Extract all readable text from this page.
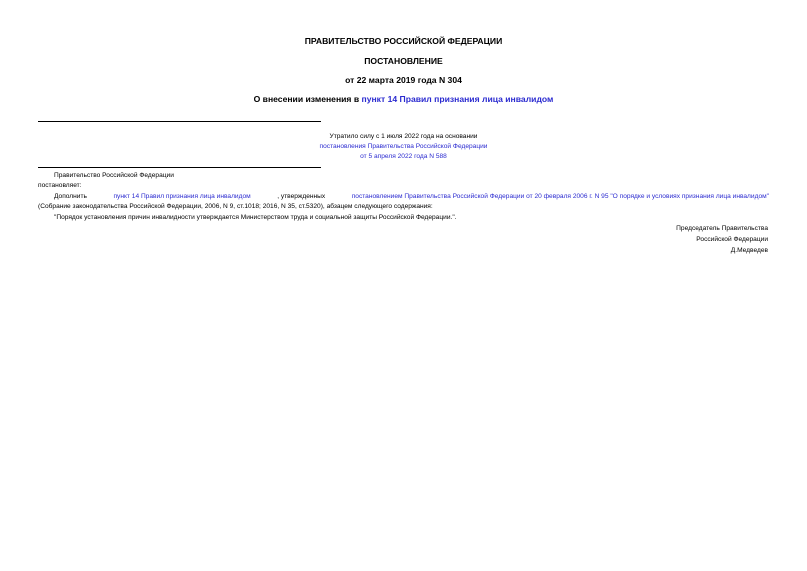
ПРАВИТЕЛЬСТВО РОССИЙСКОЙ ФЕДЕРАЦИИ
ПОСТАНОВЛЕНИЕ
от 22 марта 2019 года N 304
О внесении изменения в пункт 14 Правил признания лица инвалидом
Утратило силу с 1 июля 2022 года на основании
постановления Правительства Российской Федерации
от 5 апреля 2022 года N 588
Правительство Российской Федерации
постановляет:
Дополнить	пункт 14 Правил признания лица инвалидом	, утвержденных	постановлением Правительства Российской Федерации от 20 февраля 2006 г. N 95 "О порядке и условиях признания лица инвалидом"
(Собрание законодательства Российской Федерации, 2006, N 9, ст.1018; 2016, N 35, ст.5320), абзацем следующего содержания:
"Порядок установления причин инвалидности утверждается Министерством труда и социальной защиты Российской Федерации.".
Председатель Правительства
Российской Федерации
Д.Медведев
